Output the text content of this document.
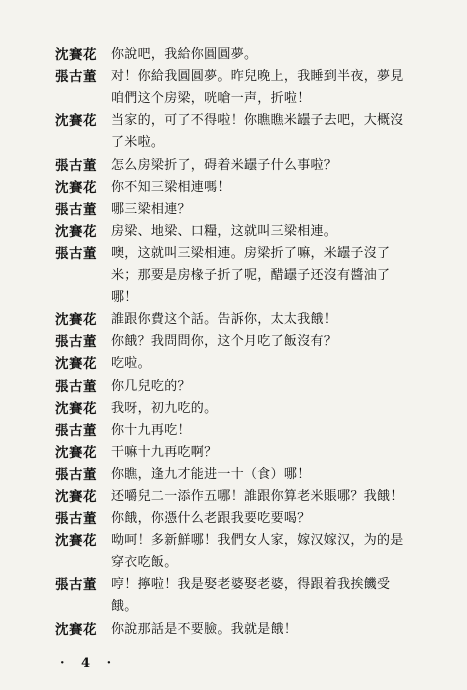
沈賽花 你說吧，我給你圓圓夢。
張古董 对！你給我圓圓夢。昨兒晚上，我睡到半夜，夢見
咱們这个房梁，咣嗆一声，折啦！
沈賽花 当家的，可了不得啦！你瞧瞧米罎子去吧，大概沒
了米啦。
張古董 怎么房梁折了，碍着米罎子什么事啦？
沈賽花 你不知三梁相連嗎！
張古董 哪三梁相連？
沈賽花 房梁、地梁、口糧，这就叫三梁相連。
張古董 噢，这就叫三梁相連。房梁折了嘛，米罎子沒了
米；那要是房椽子折了呢，醋罎子还沒有醬油了
哪！
沈賽花 誰跟你費这个話。告訴你，太太我餓！
張古董 你餓？我問問你，这个月吃了飯沒有？
沈賽花 吃啦。
張古董 你几兒吃的？
沈賽花 我呀，初九吃的。
張古董 你十九再吃！
沈賽花 干嘛十九再吃啊？
張古董 你瞧，逢九才能进一十（食）哪！
沈賽花 还嚼兒二一添作五哪！誰跟你算老米賬哪？我餓！
張古董 你餓，你憑什么老跟我要吃要喝？
沈賽花 呦呵！多新鮮哪！我們女人家，嫁汉嫁汉，为的是
穿衣吃飯。
張古董 哼！擰啦！我是娶老婆娶老婆，得跟着我挨饑受
餓。
沈賽花 你說那話是不要臉。我就是餓！
· 4 ·
